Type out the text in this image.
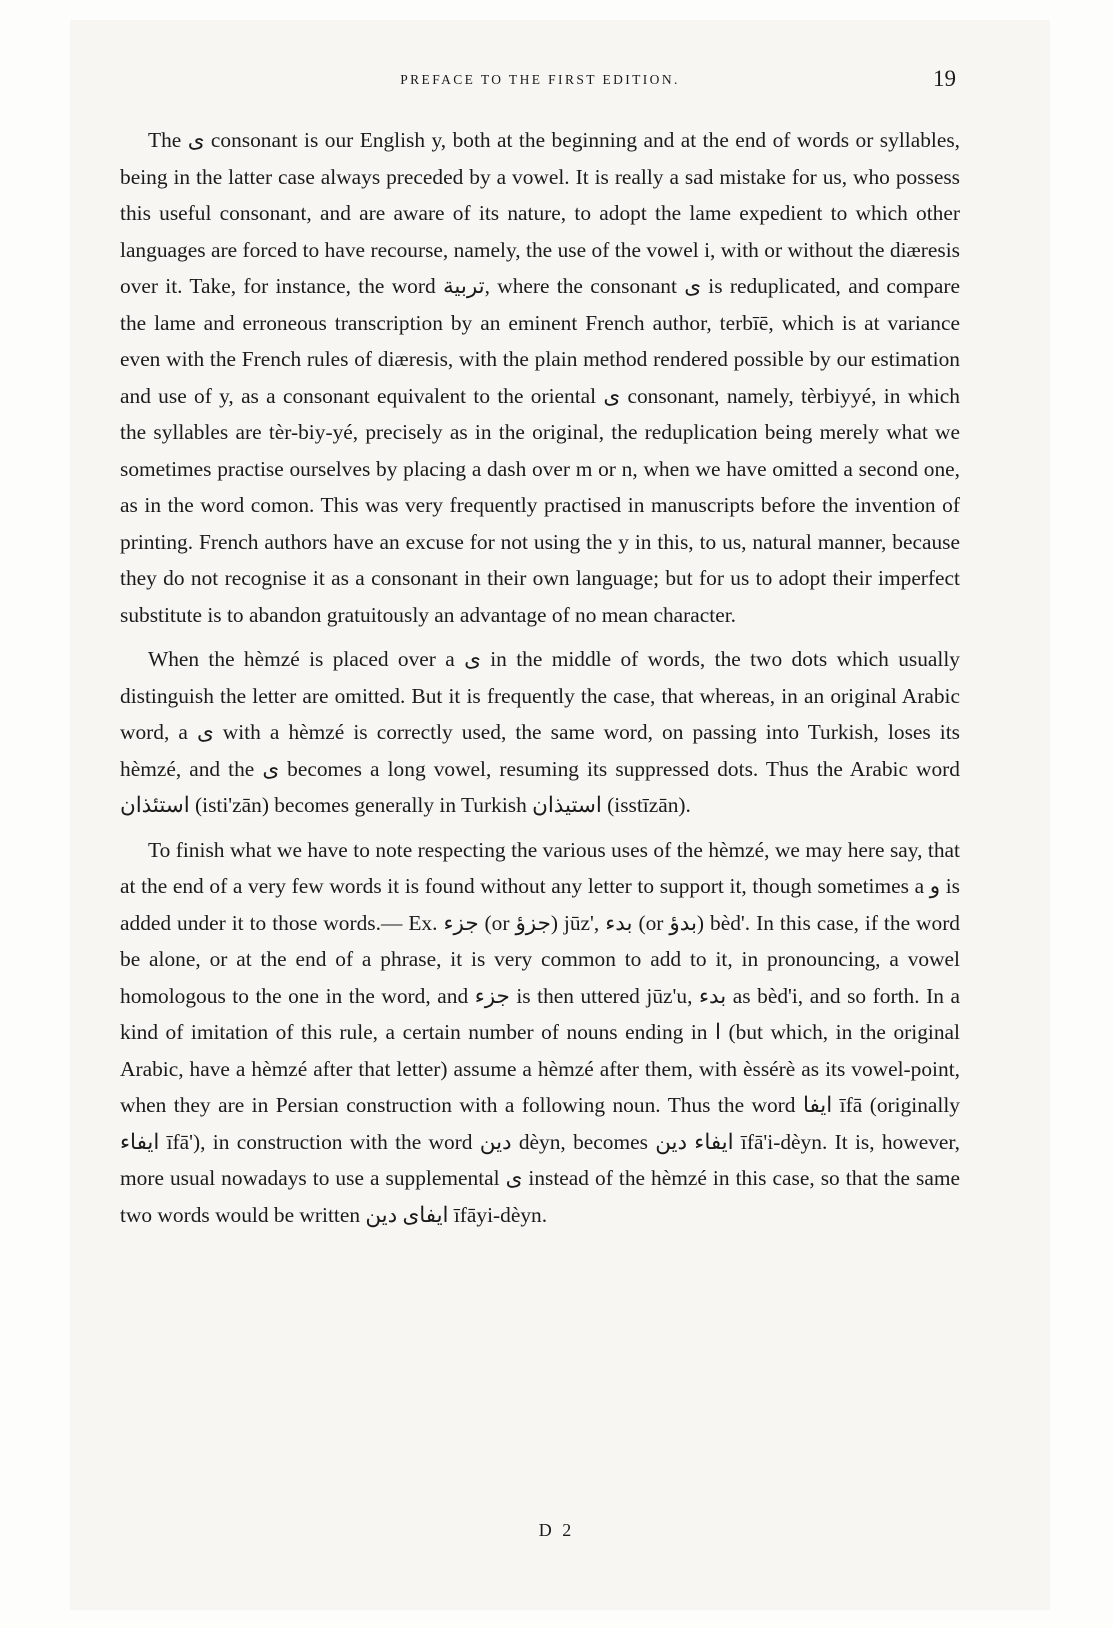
PREFACE TO THE FIRST EDITION.	19

The ى consonant is our English y, both at the beginning and at the end of words or syllables, being in the latter case always preceded by a vowel. It is really a sad mistake for us, who possess this useful consonant, and are aware of its nature, to adopt the lame expedient to which other languages are forced to have recourse, namely, the use of the vowel i, with or without the diæresis over it. Take, for instance, the word تربية, where the consonant ى is reduplicated, and compare the lame and erroneous transcription by an eminent French author, terbīē, which is at variance even with the French rules of diæresis, with the plain method rendered possible by our estimation and use of y, as a consonant equivalent to the oriental ى consonant, namely, tèrbiyyé, in which the syllables are tèr-biy-yé, precisely as in the original, the reduplication being merely what we sometimes practise ourselves by placing a dash over m or n, when we have omitted a second one, as in the word comon. This was very frequently practised in manuscripts before the invention of printing. French authors have an excuse for not using the y in this, to us, natural manner, because they do not recognise it as a consonant in their own language; but for us to adopt their imperfect substitute is to abandon gratuitously an advantage of no mean character.

When the hèmzé is placed over a ى in the middle of words, the two dots which usually distinguish the letter are omitted. But it is frequently the case, that whereas, in an original Arabic word, a ى with a hèmzé is correctly used, the same word, on passing into Turkish, loses its hèmzé, and the ى becomes a long vowel, resuming its suppressed dots. Thus the Arabic word استئذان (isti'zān) becomes generally in Turkish استيذان (isstīzān).

To finish what we have to note respecting the various uses of the hèmzé, we may here say, that at the end of a very few words it is found without any letter to support it, though sometimes a و is added under it to those words.— Ex. جزء (or جزؤ) jūz', بدء (or بدؤ) bèd'. In this case, if the word be alone, or at the end of a phrase, it is very common to add to it, in pronouncing, a vowel homologous to the one in the word, and جزء is then uttered jūz'u, بدء as bèd'i, and so forth. In a kind of imitation of this rule, a certain number of nouns ending in ا (but which, in the original Arabic, have a hèmzé after that letter) assume a hèmzé after them, with èssérè as its vowel-point, when they are in Persian construction with a following noun. Thus the word ايفا īfā (originally ايفاء īfā'), in construction with the word دين dèyn, becomes ايفاء دين īfā'i-dèyn. It is, however, more usual nowadays to use a supplemental ى instead of the hèmzé in this case, so that the same two words would be written ايفاى دين īfāyi-dèyn.

D 2
